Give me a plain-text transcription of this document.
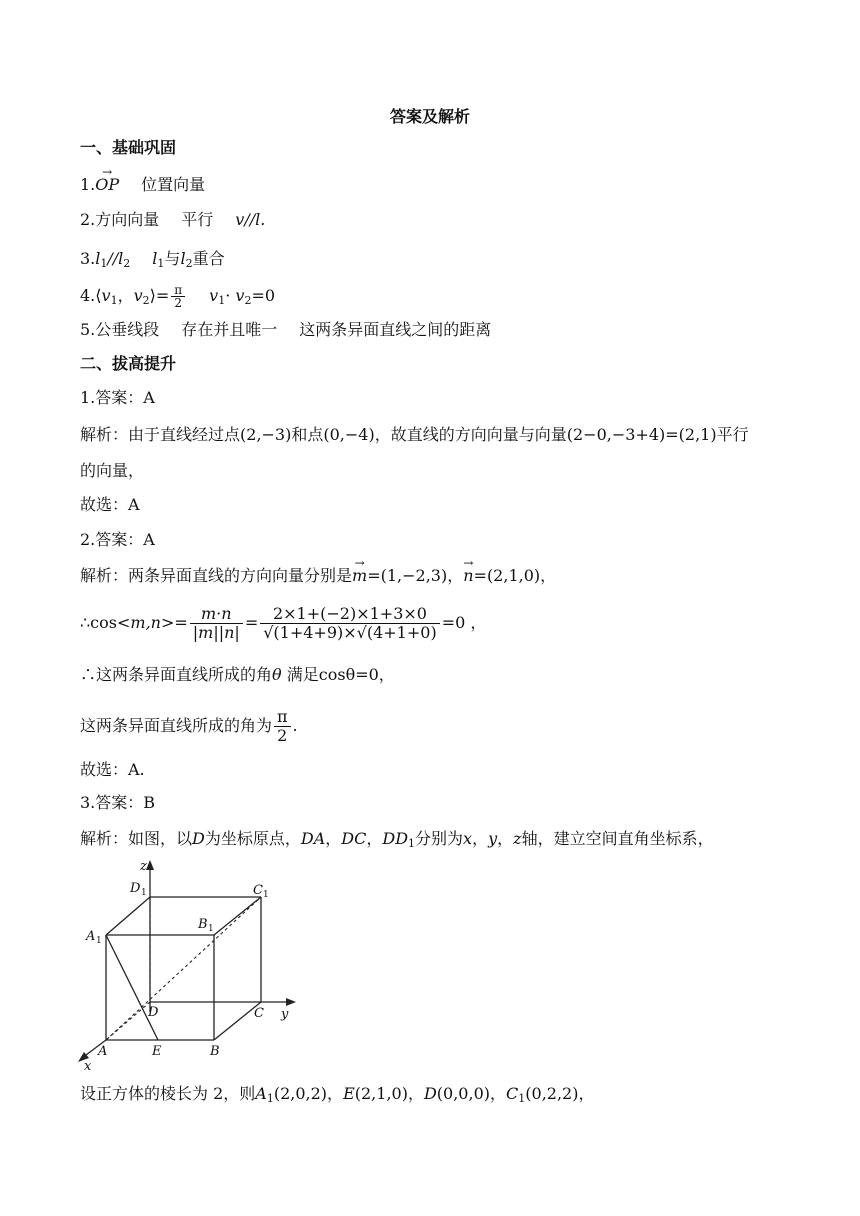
答案及解析
一、基础巩固
1.→ OP 位置向量
2.方向向量 平行 v//l.
$3.l_1//l_2$ $l_1$与$l_2$重合
$4.⟨v_1$，$v_2⟩= \frac{\pi}{2} v_1\cdot v_2=0$
5.公垂线段 存在并且唯一 这两条异面直线之间的距离
二、拔高提升
1.答案：A
解析：由于直线经过点(2,−3)和点(0,−4)，故直线的方向向量与向量(2−0,−3+4)=(2,1)平行
的向量，
故选：A
2.答案：A
解析：两条异面直线的方向向量分别是→ m=(1,−2,3)，→ n=(2,1,0)，
∴cos<m,n>= $\frac{m\cdot n}{|m||n|} = \frac{2\times 1+(-2)\times 1+3\times 0}{√(1+4+9)\times√(4+1+0)} =0$ ，
∴这两条异面直线所成的角θ 满足cosθ=0，
这两条异面直线所成的角为 $\frac{\pi}{2}$ .
故选：A.
3.答案：B
解析：如图，以D为坐标原点，DA，DC，$DD_1$分别为x，y，z轴，建立空间直角坐标系，
z
y
x
D 1	C 1
A 1
B 1
D	C
A	E	B
设正方体的棱长为 2，则$A_1(2,0,2)$，E(2,1,0)，D(0,0,0)，$C_1(0,2,2)$，
